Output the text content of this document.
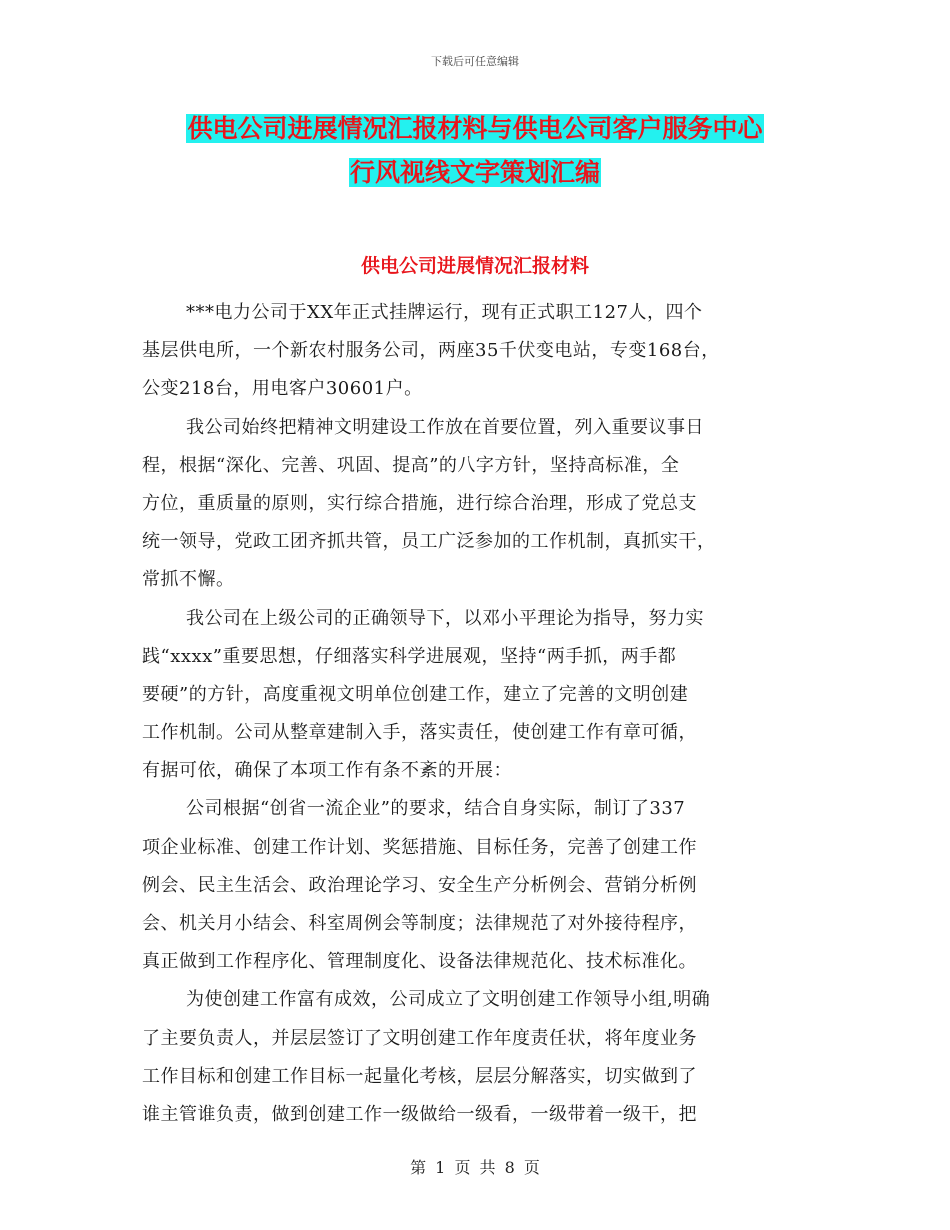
下载后可任意编辑
供电公司进展情况汇报材料与供电公司客户服务中心
行风视线文字策划汇编
供电公司进展情况汇报材料
***电力公司于XX年正式挂牌运行，现有正式职工127人，四个
基层供电所，一个新农村服务公司，两座35千伏变电站，专变168台，
公变218台，用电客户30601户。
我公司始终把精神文明建设工作放在首要位置，列入重要议事日
程，根据“深化、完善、巩固、提高”的八字方针，坚持高标准，全
方位，重质量的原则，实行综合措施，进行综合治理，形成了党总支
统一领导，党政工团齐抓共管，员工广泛参加的工作机制，真抓实干，
常抓不懈。
我公司在上级公司的正确领导下，以邓小平理论为指导，努力实
践“xxxx”重要思想，仔细落实科学进展观，坚持“两手抓，两手都
要硬”的方针，高度重视文明单位创建工作，建立了完善的文明创建
工作机制。公司从整章建制入手，落实责任，使创建工作有章可循，
有据可依，确保了本项工作有条不紊的开展：
公司根据“创省一流企业”的要求，结合自身实际，制订了337
项企业标准、创建工作计划、奖惩措施、目标任务，完善了创建工作
例会、民主生活会、政治理论学习、安全生产分析例会、营销分析例
会、机关月小结会、科室周例会等制度；法律规范了对外接待程序，
真正做到工作程序化、管理制度化、设备法律规范化、技术标准化。
为使创建工作富有成效，公司成立了文明创建工作领导小组,明确
了主要负责人，并层层签订了文明创建工作年度责任状，将年度业务
工作目标和创建工作目标一起量化考核，层层分解落实，切实做到了
谁主管谁负责，做到创建工作一级做给一级看，一级带着一级干，把
第 1 页 共 8 页
